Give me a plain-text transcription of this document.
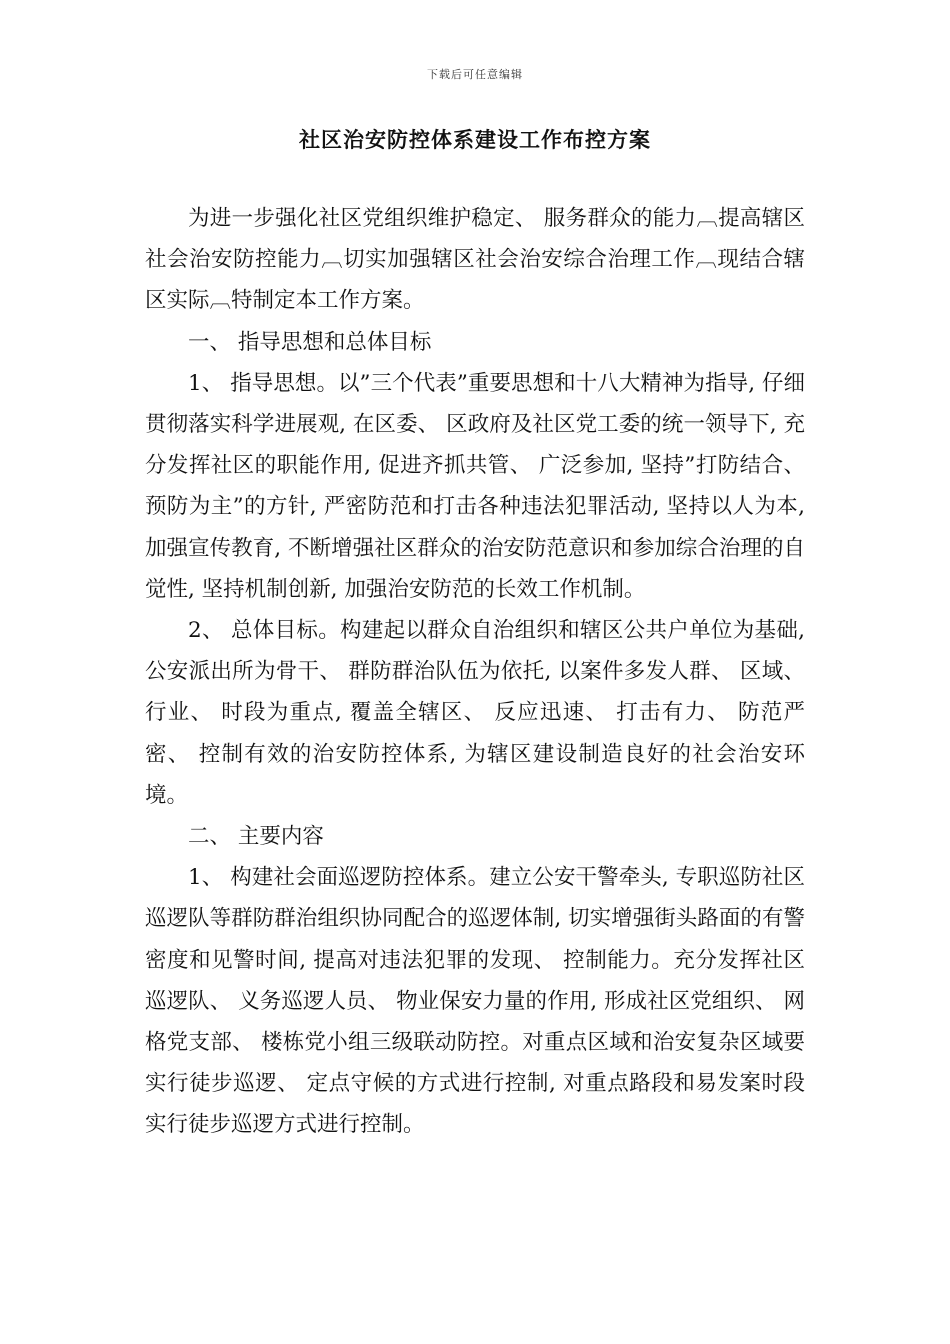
下载后可任意编辑
社区治安防控体系建设工作布控方案

为进一步强化社区党组织维护稳定、 服务群众的能力︹提高辖区社会治安防控能力︹切实加强辖区社会治安综合治理工作︹现结合辖区实际︹特制定本工作方案。

一、 指导思想和总体目标

1、 指导思想。以”三个代表”重要思想和十八大精神为指导, 仔细贯彻落实科学进展观, 在区委、 区政府及社区党工委的统一领导下, 充分发挥社区的职能作用, 促进齐抓共管、 广泛参加, 坚持”打防结合、 预防为主”的方针, 严密防范和打击各种违法犯罪活动, 坚持以人为本, 加强宣传教育, 不断增强社区群众的治安防范意识和参加综合治理的自觉性, 坚持机制创新, 加强治安防范的长效工作机制。

2、 总体目标。构建起以群众自治组织和辖区公共户单位为基础, 公安派出所为骨干、 群防群治队伍为依托, 以案件多发人群、 区域、 行业、 时段为重点, 覆盖全辖区、 反应迅速、 打击有力、 防范严密、 控制有效的治安防控体系, 为辖区建设制造良好的社会治安环境。

二、 主要内容

1、 构建社会面巡逻防控体系。建立公安干警牵头, 专职巡防社区巡逻队等群防群治组织协同配合的巡逻体制, 切实增强街头路面的有警密度和见警时间, 提高对违法犯罪的发现、 控制能力。充分发挥社区巡逻队、 义务巡逻人员、 物业保安力量的作用, 形成社区党组织、 网格党支部、 楼栋党小组三级联动防控。对重点区域和治安复杂区域要实行徒步巡逻、 定点守候的方式进行控制, 对重点路段和易发案时段实行徒步巡逻方式进行控制。
